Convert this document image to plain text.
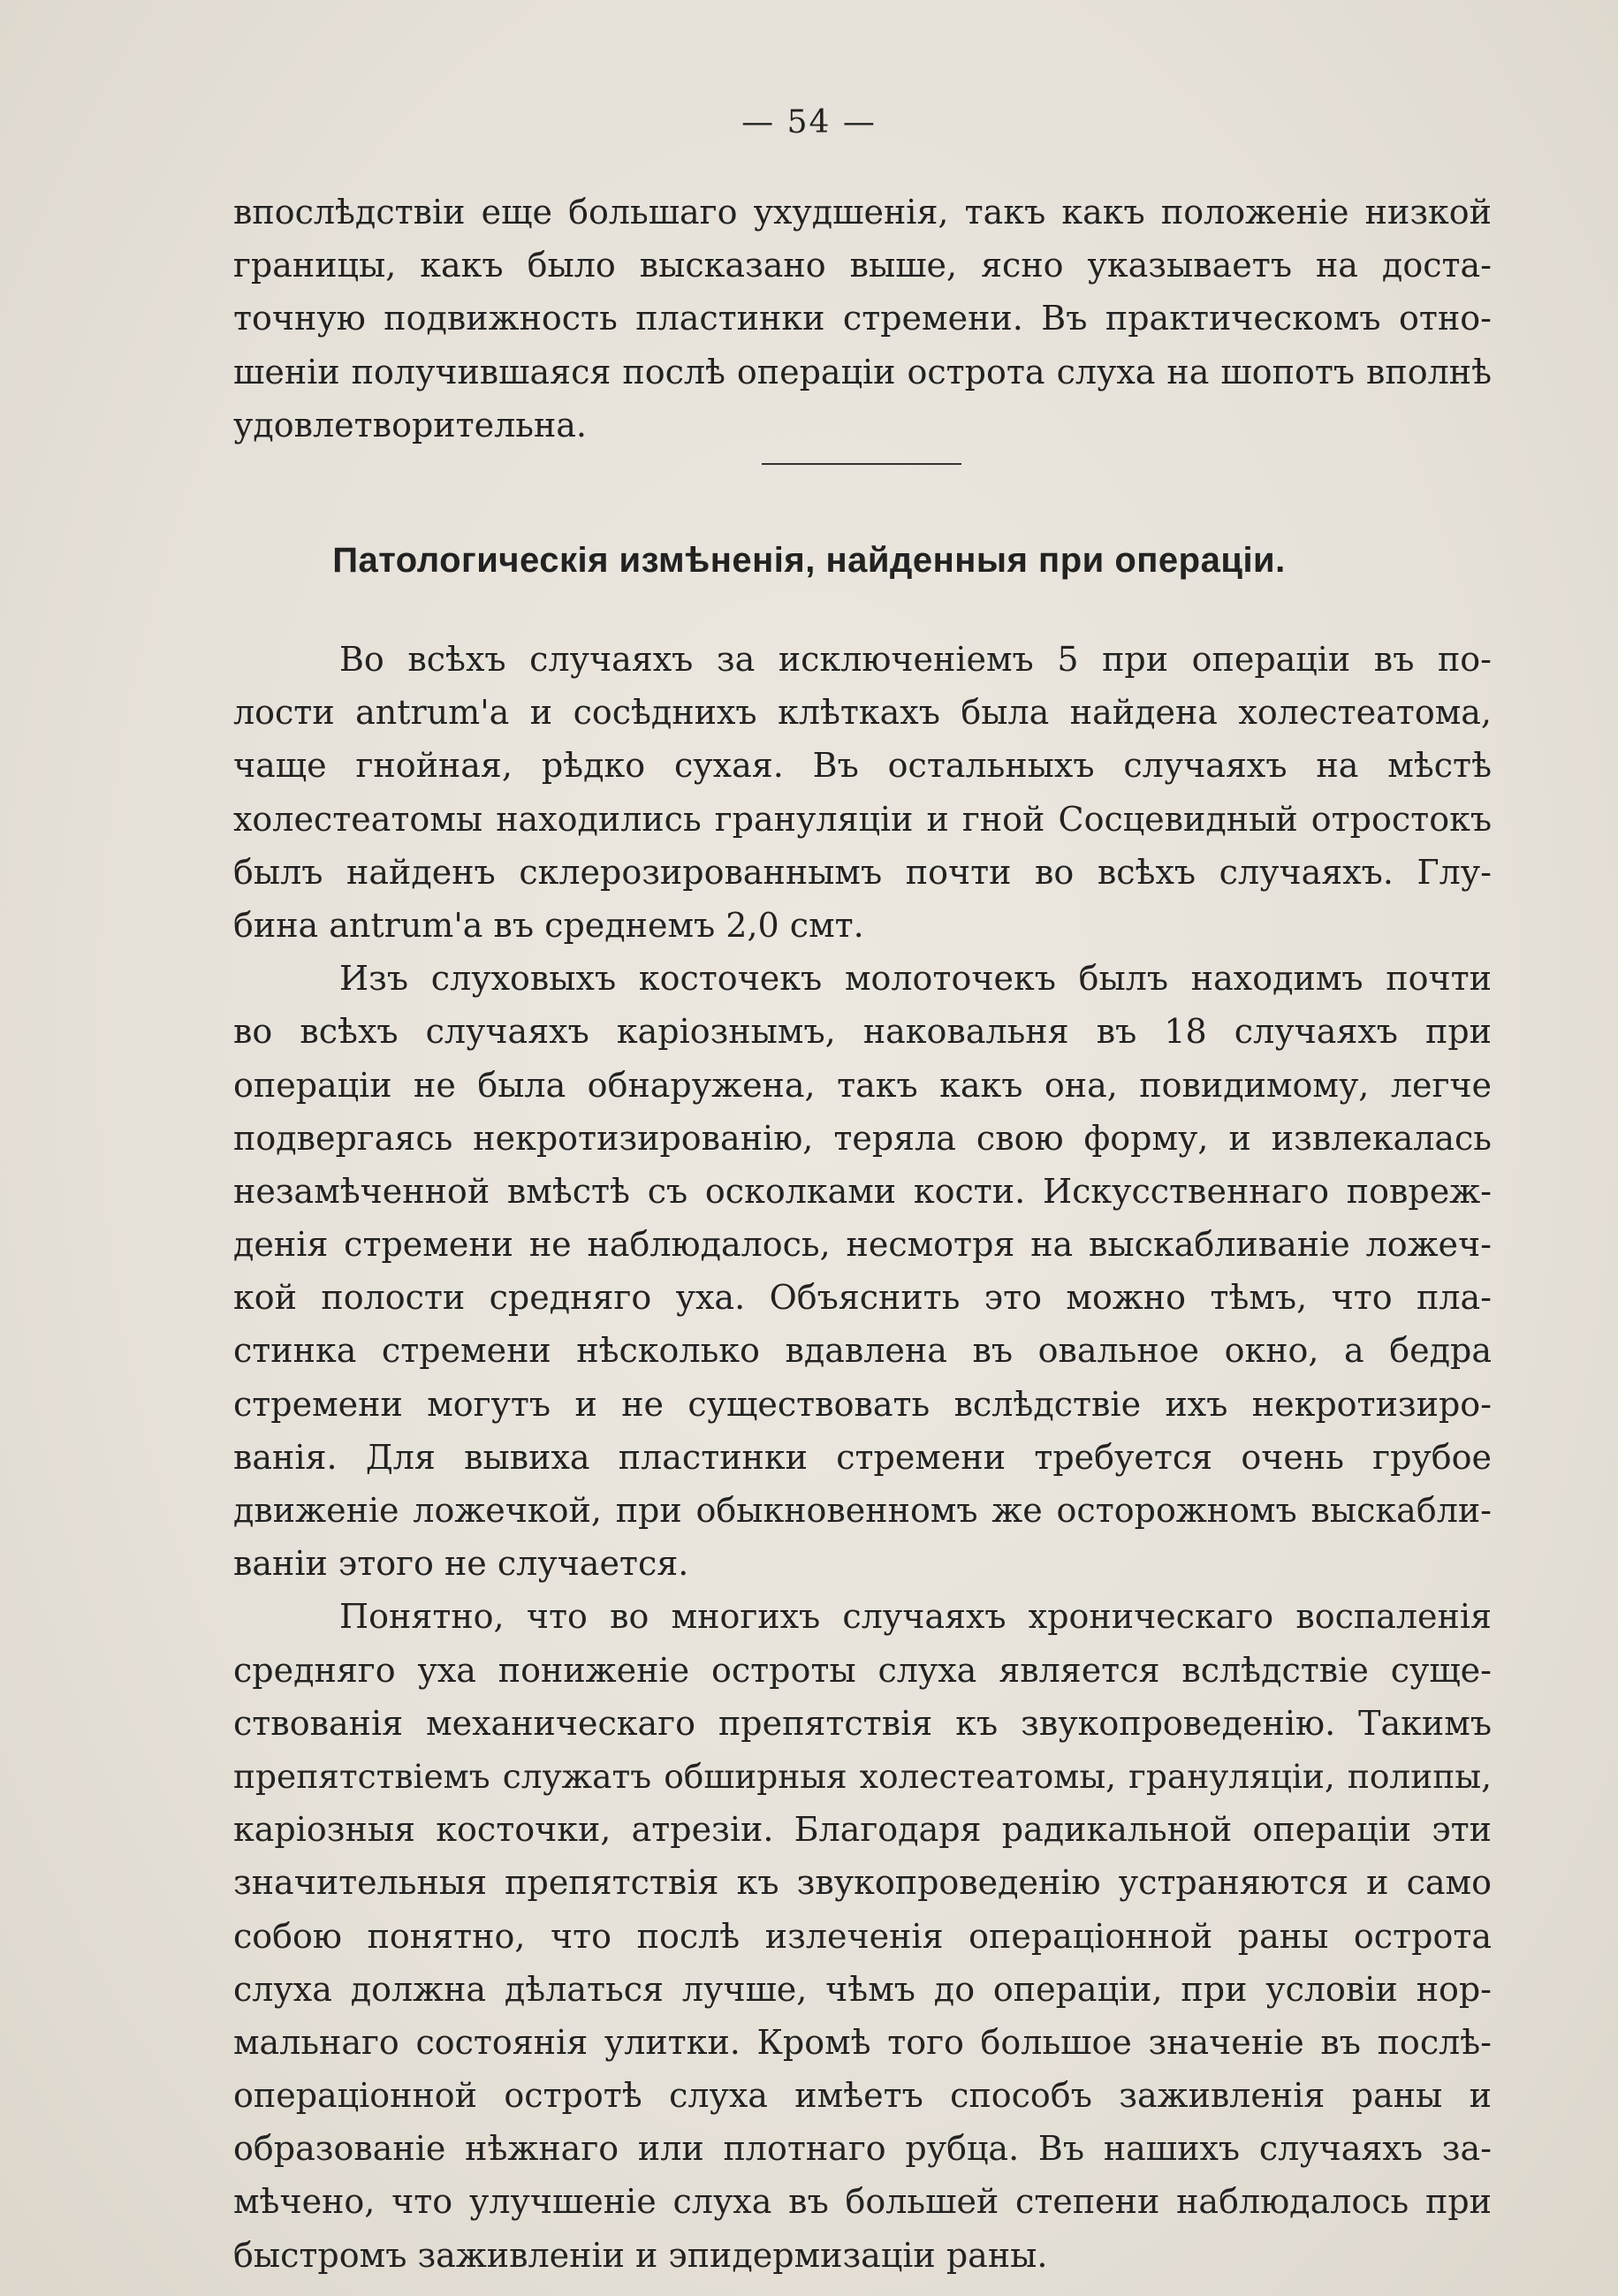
— 54 —
впослѣдствіи еще большаго ухудшенія, такъ какъ положеніе низкой
границы, какъ было высказано выше, ясно указываетъ на доста-
точную подвижность пластинки стремени. Въ практическомъ отно-
шеніи получившаяся послѣ операціи острота слуха на шопотъ вполнѣ
удовлетворительна.
Патологическія измѣненія, найденныя при операціи.
Во всѣхъ случаяхъ за исключеніемъ 5 при операціи въ по-
лости antrum'а и сосѣднихъ клѣткахъ была найдена холестеатома,
чаще гнойная, рѣдко сухая. Въ остальныхъ случаяхъ на мѣстѣ
холестеатомы находились грануляціи и гной Сосцевидный отростокъ
былъ найденъ склерозированнымъ почти во всѣхъ случаяхъ. Глу-
бина antrum'а въ среднемъ 2,0 смт.
Изъ слуховыхъ косточекъ молоточекъ былъ находимъ почти
во всѣхъ случаяхъ каріознымъ, наковальня въ 18 случаяхъ при
операціи не была обнаружена, такъ какъ она, повидимому, легче
подвергаясь некротизированію, теряла свою форму, и извлекалась
незамѣченной вмѣстѣ съ осколками кости. Искусственнаго повреж-
денія стремени не наблюдалось, несмотря на выскабливаніе ложеч-
кой полости средняго уха. Объяснить это можно тѣмъ, что пла-
стинка стремени нѣсколько вдавлена въ овальное окно, а бедра
стремени могутъ и не существовать вслѣдствіе ихъ некротизиро-
ванія. Для вывиха пластинки стремени требуется очень грубое
движеніе ложечкой, при обыкновенномъ же осторожномъ выскабли-
ваніи этого не случается.
Понятно, что во многихъ случаяхъ хроническаго воспаленія
средняго уха пониженіе остроты слуха является вслѣдствіе суще-
ствованія механическаго препятствія къ звукопроведенію. Такимъ
препятствіемъ служатъ обширныя холестеатомы, грануляціи, полипы,
каріозныя косточки, атрезіи. Благодаря радикальной операціи эти
значительныя препятствія къ звукопроведенію устраняются и само
собою понятно, что послѣ излеченія операціонной раны острота
слуха должна дѣлаться лучше, чѣмъ до операціи, при условіи нор-
мальнаго состоянія улитки. Кромѣ того большое значеніе въ послѣ-
операціонной остротѣ слуха имѣетъ способъ заживленія раны и
образованіе нѣжнаго или плотнаго рубца. Въ нашихъ случаяхъ за-
мѣчено, что улучшеніе слуха въ большей степени наблюдалось при
быстромъ заживленіи и эпидермизаціи раны.
